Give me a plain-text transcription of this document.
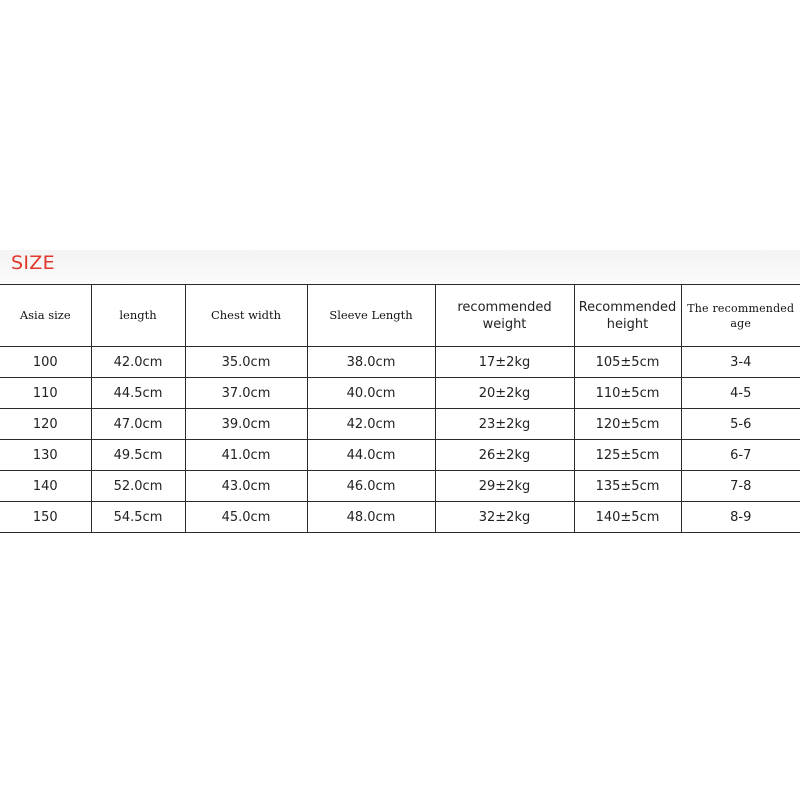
SIZE
Asia size	length	Chest width	Sleeve Length	recommended weight	Recommended height	The recommended age
100	42.0cm	35.0cm	38.0cm	17±2kg	105±5cm	3-4
110	44.5cm	37.0cm	40.0cm	20±2kg	110±5cm	4-5
120	47.0cm	39.0cm	42.0cm	23±2kg	120±5cm	5-6
130	49.5cm	41.0cm	44.0cm	26±2kg	125±5cm	6-7
140	52.0cm	43.0cm	46.0cm	29±2kg	135±5cm	7-8
150	54.5cm	45.0cm	48.0cm	32±2kg	140±5cm	8-9
